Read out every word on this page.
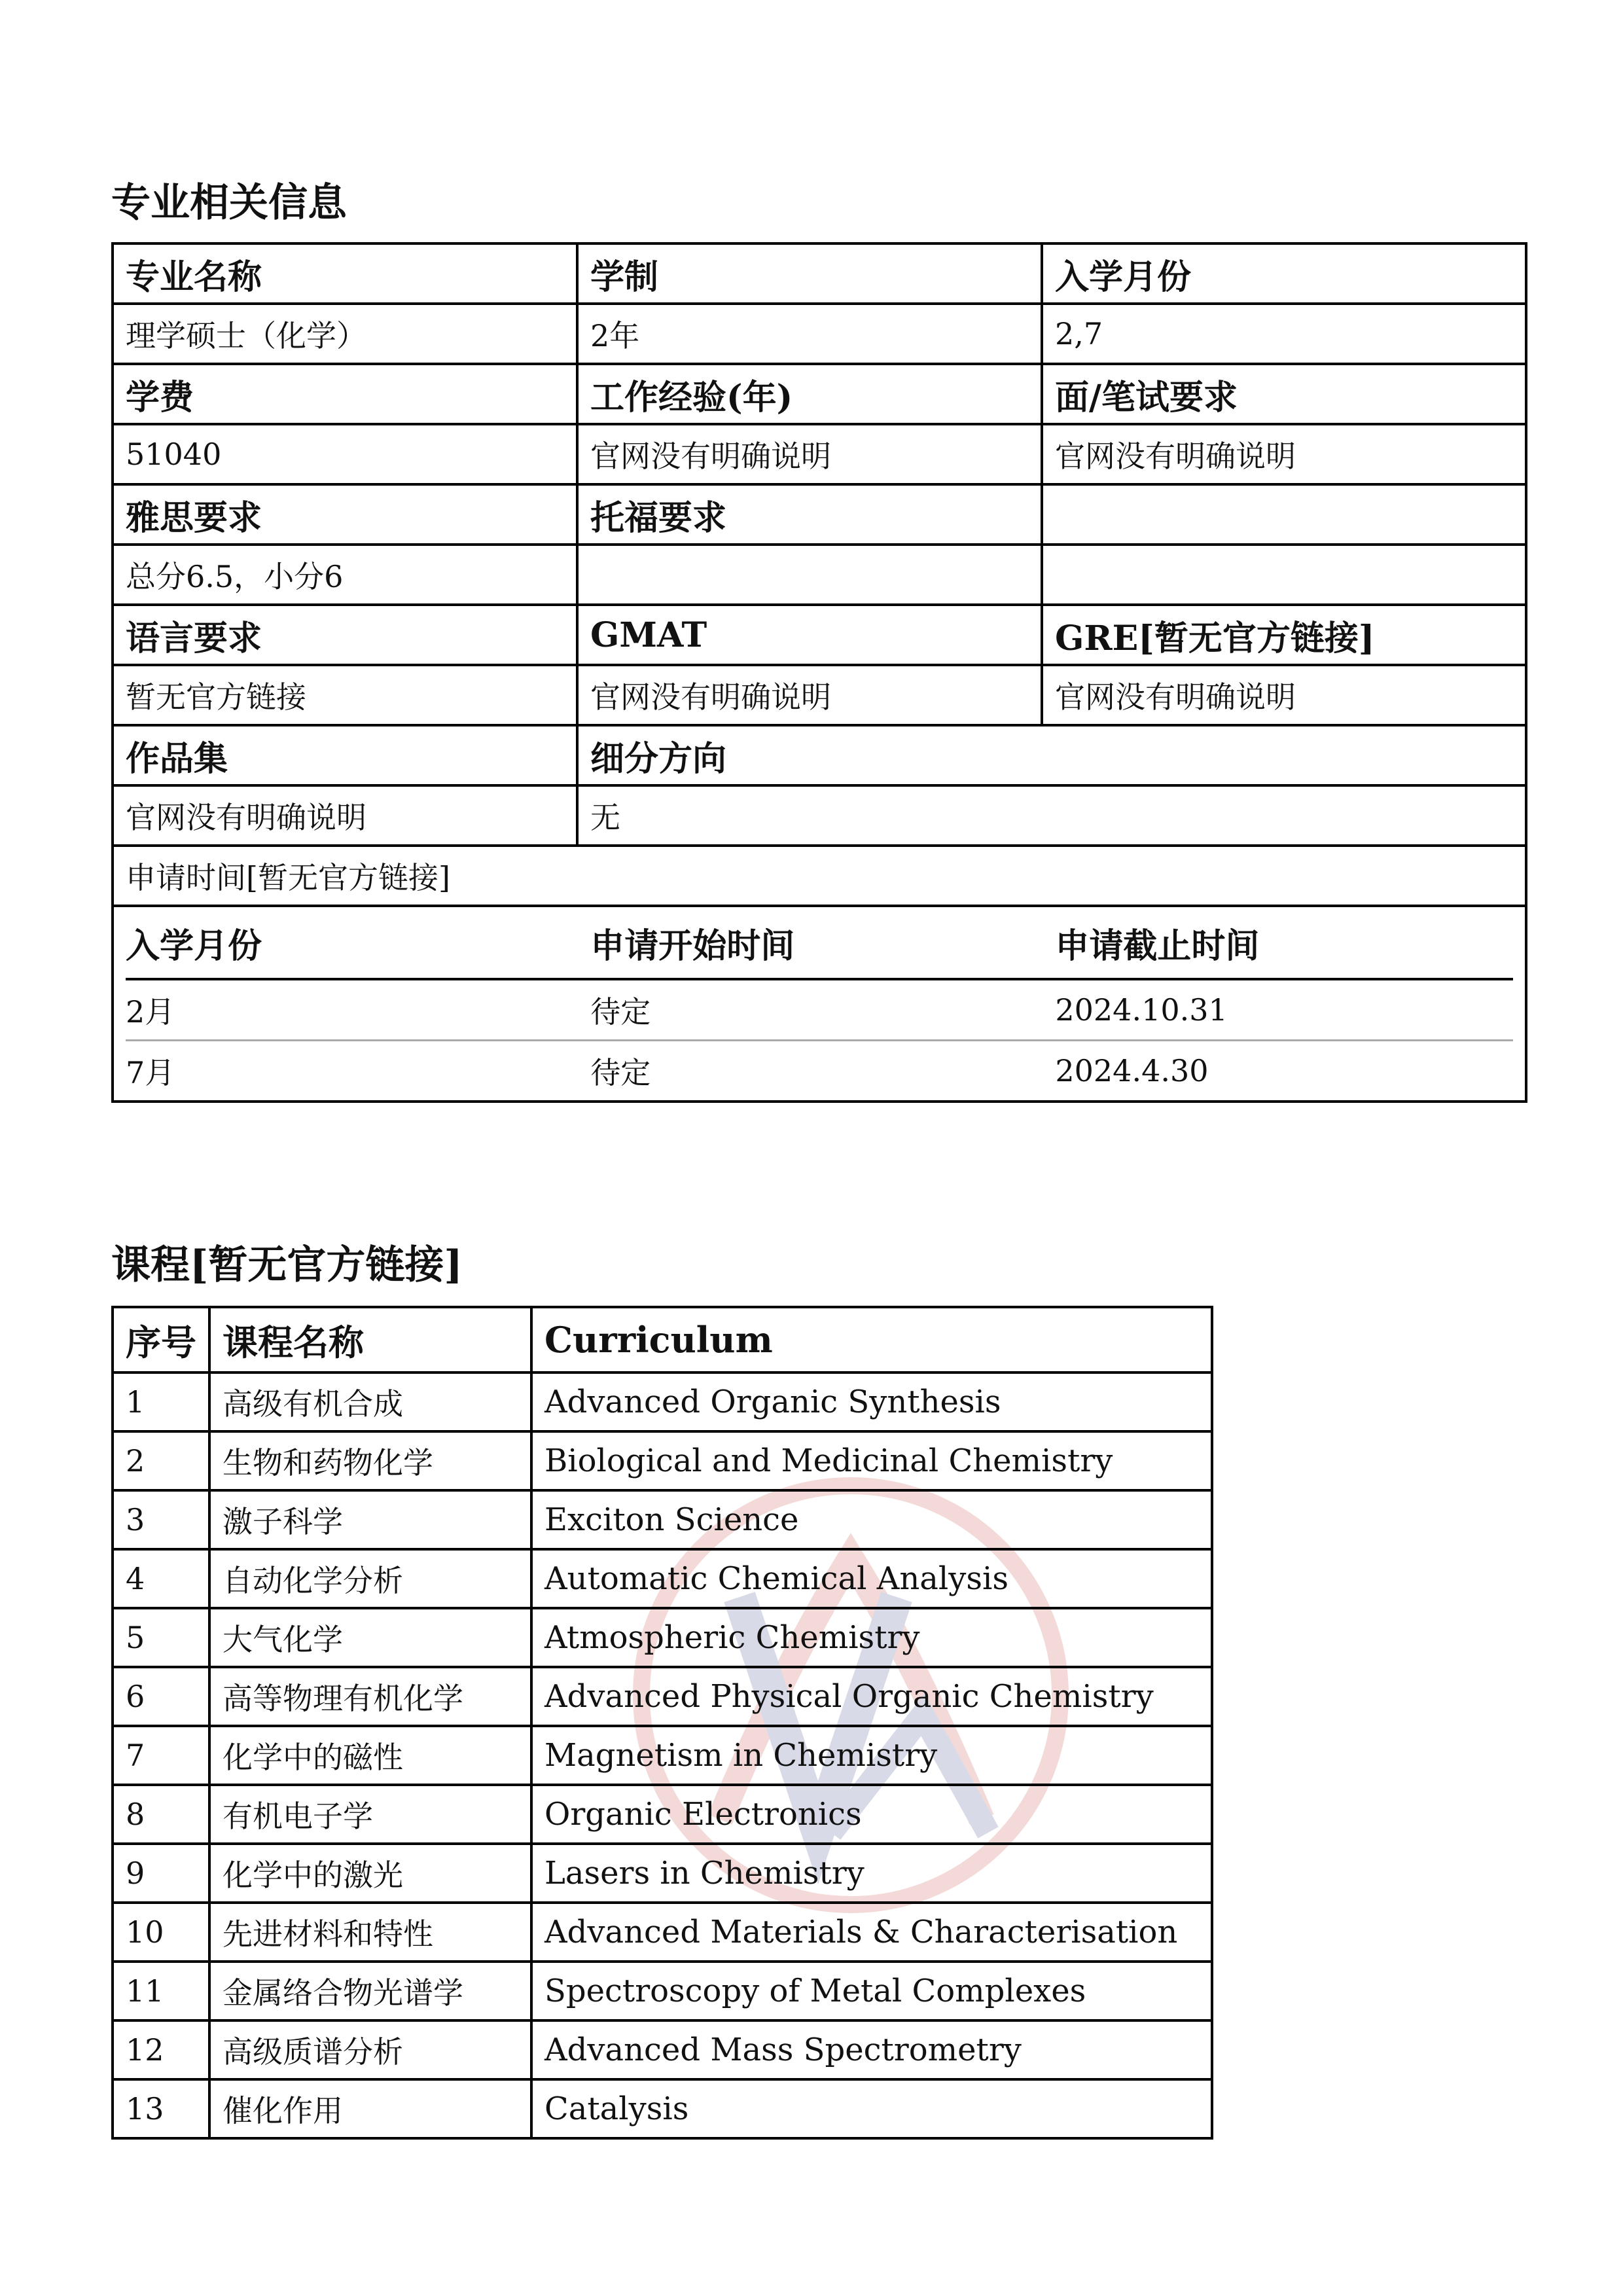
专业相关信息
专业名称	学制	入学月份
理学硕士（化学）	2年	2,7
学费	工作经验(年)	面/笔试要求
51040	官网没有明确说明	官网没有明确说明
雅思要求	托福要求	
总分6.5，小分6		
语言要求	GMAT	GRE[暂无官方链接]
暂无官方链接	官网没有明确说明	官网没有明确说明
作品集	细分方向
官网没有明确说明	无
申请时间[暂无官方链接]

入学月份	申请开始时间	申请截止时间
2月	待定	2024.10.31
7月	待定	2024.4.30
课程[暂无官方链接]
序号	课程名称	Curriculum
1	高级有机合成	Advanced Organic Synthesis
2	生物和药物化学	Biological and Medicinal Chemistry
3	激子科学	Exciton Science
4	自动化学分析	Automatic Chemical Analysis
5	大气化学	Atmospheric Chemistry
6	高等物理有机化学	Advanced Physical Organic Chemistry
7	化学中的磁性	Magnetism in Chemistry
8	有机电子学	Organic Electronics
9	化学中的激光	Lasers in Chemistry
10	先进材料和特性	Advanced Materials & Characterisation
11	金属络合物光谱学	Spectroscopy of Metal Complexes
12	高级质谱分析	Advanced Mass Spectrometry
13	催化作用	Catalysis
